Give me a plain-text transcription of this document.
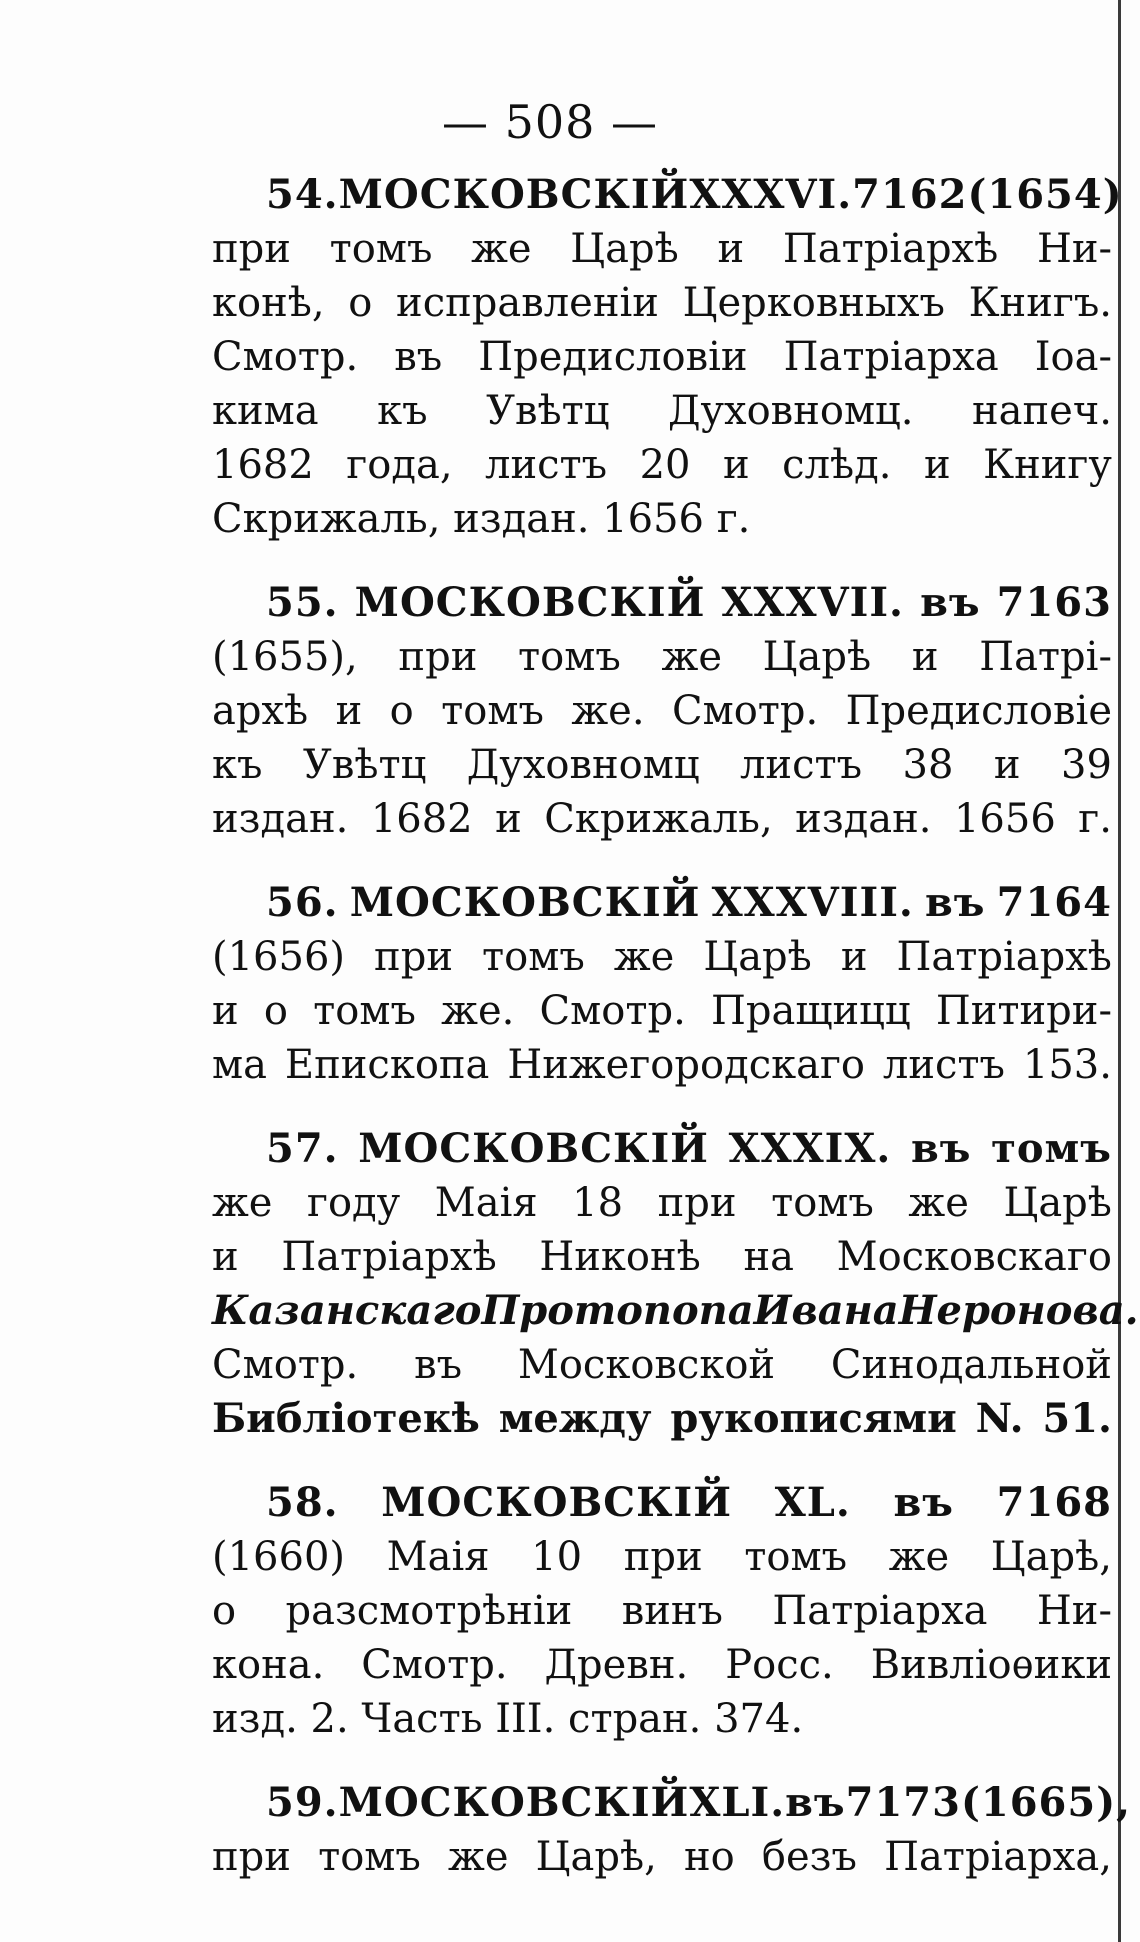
— 508 —
54 . МОСКОВСКІЙ XXXVI. 7162 (1654)
при томъ же Царѣ и Патріархѣ Ни-
конѣ, о исправленіи Церковныхъ Книгъ.
Смотр. въ Предисловіи Патріарха Іоа-
кима къ Увѣтц Духовномц. напеч.
1682 года, листъ 20 и слѣд. и Книгу
Скрижаль, издан. 1656 г.
55. МОСКОВСКІЙ XXXVII. въ 7163
(1655), при томъ же Царѣ и Патрі-
архѣ и о томъ же. Смотр. Предисловіе
къ Увѣтц Духовномц листъ 38 и 39
издан. 1682 и Скрижаль, издан. 1656 г.
56. МОСКОВСКІЙ XXXVIII. въ 7164
(1656) при томъ же Царѣ и Патріархѣ
и о томъ же. Смотр. Пращицц Питири-
ма Епископа Нижегородскаго листъ 153.
57. МОСКОВСКІЙ XXXIX. въ томъ
же году Маія 18 при томъ же Царѣ
и Патріархѣ Никонѣ на Московскаго
Казанскаго Протопопа Ивана Неронова.
Смотр. въ Московской Синодальной
Библіотекѣ между рукописями N. 51.
58. МОСКОВСКІЙ XL. въ 7168
(1660) Маія 10 при томъ же Царѣ,
о разсмотрѣніи винъ Патріарха Ни-
кона. Смотр. Древн. Росс. Вивліоѳики
изд. 2. Часть III. стран. 374.
59. МОСКОВСКІЙ XLI. въ 7173 (1665),
при томъ же Царѣ, но безъ Патріарха,
